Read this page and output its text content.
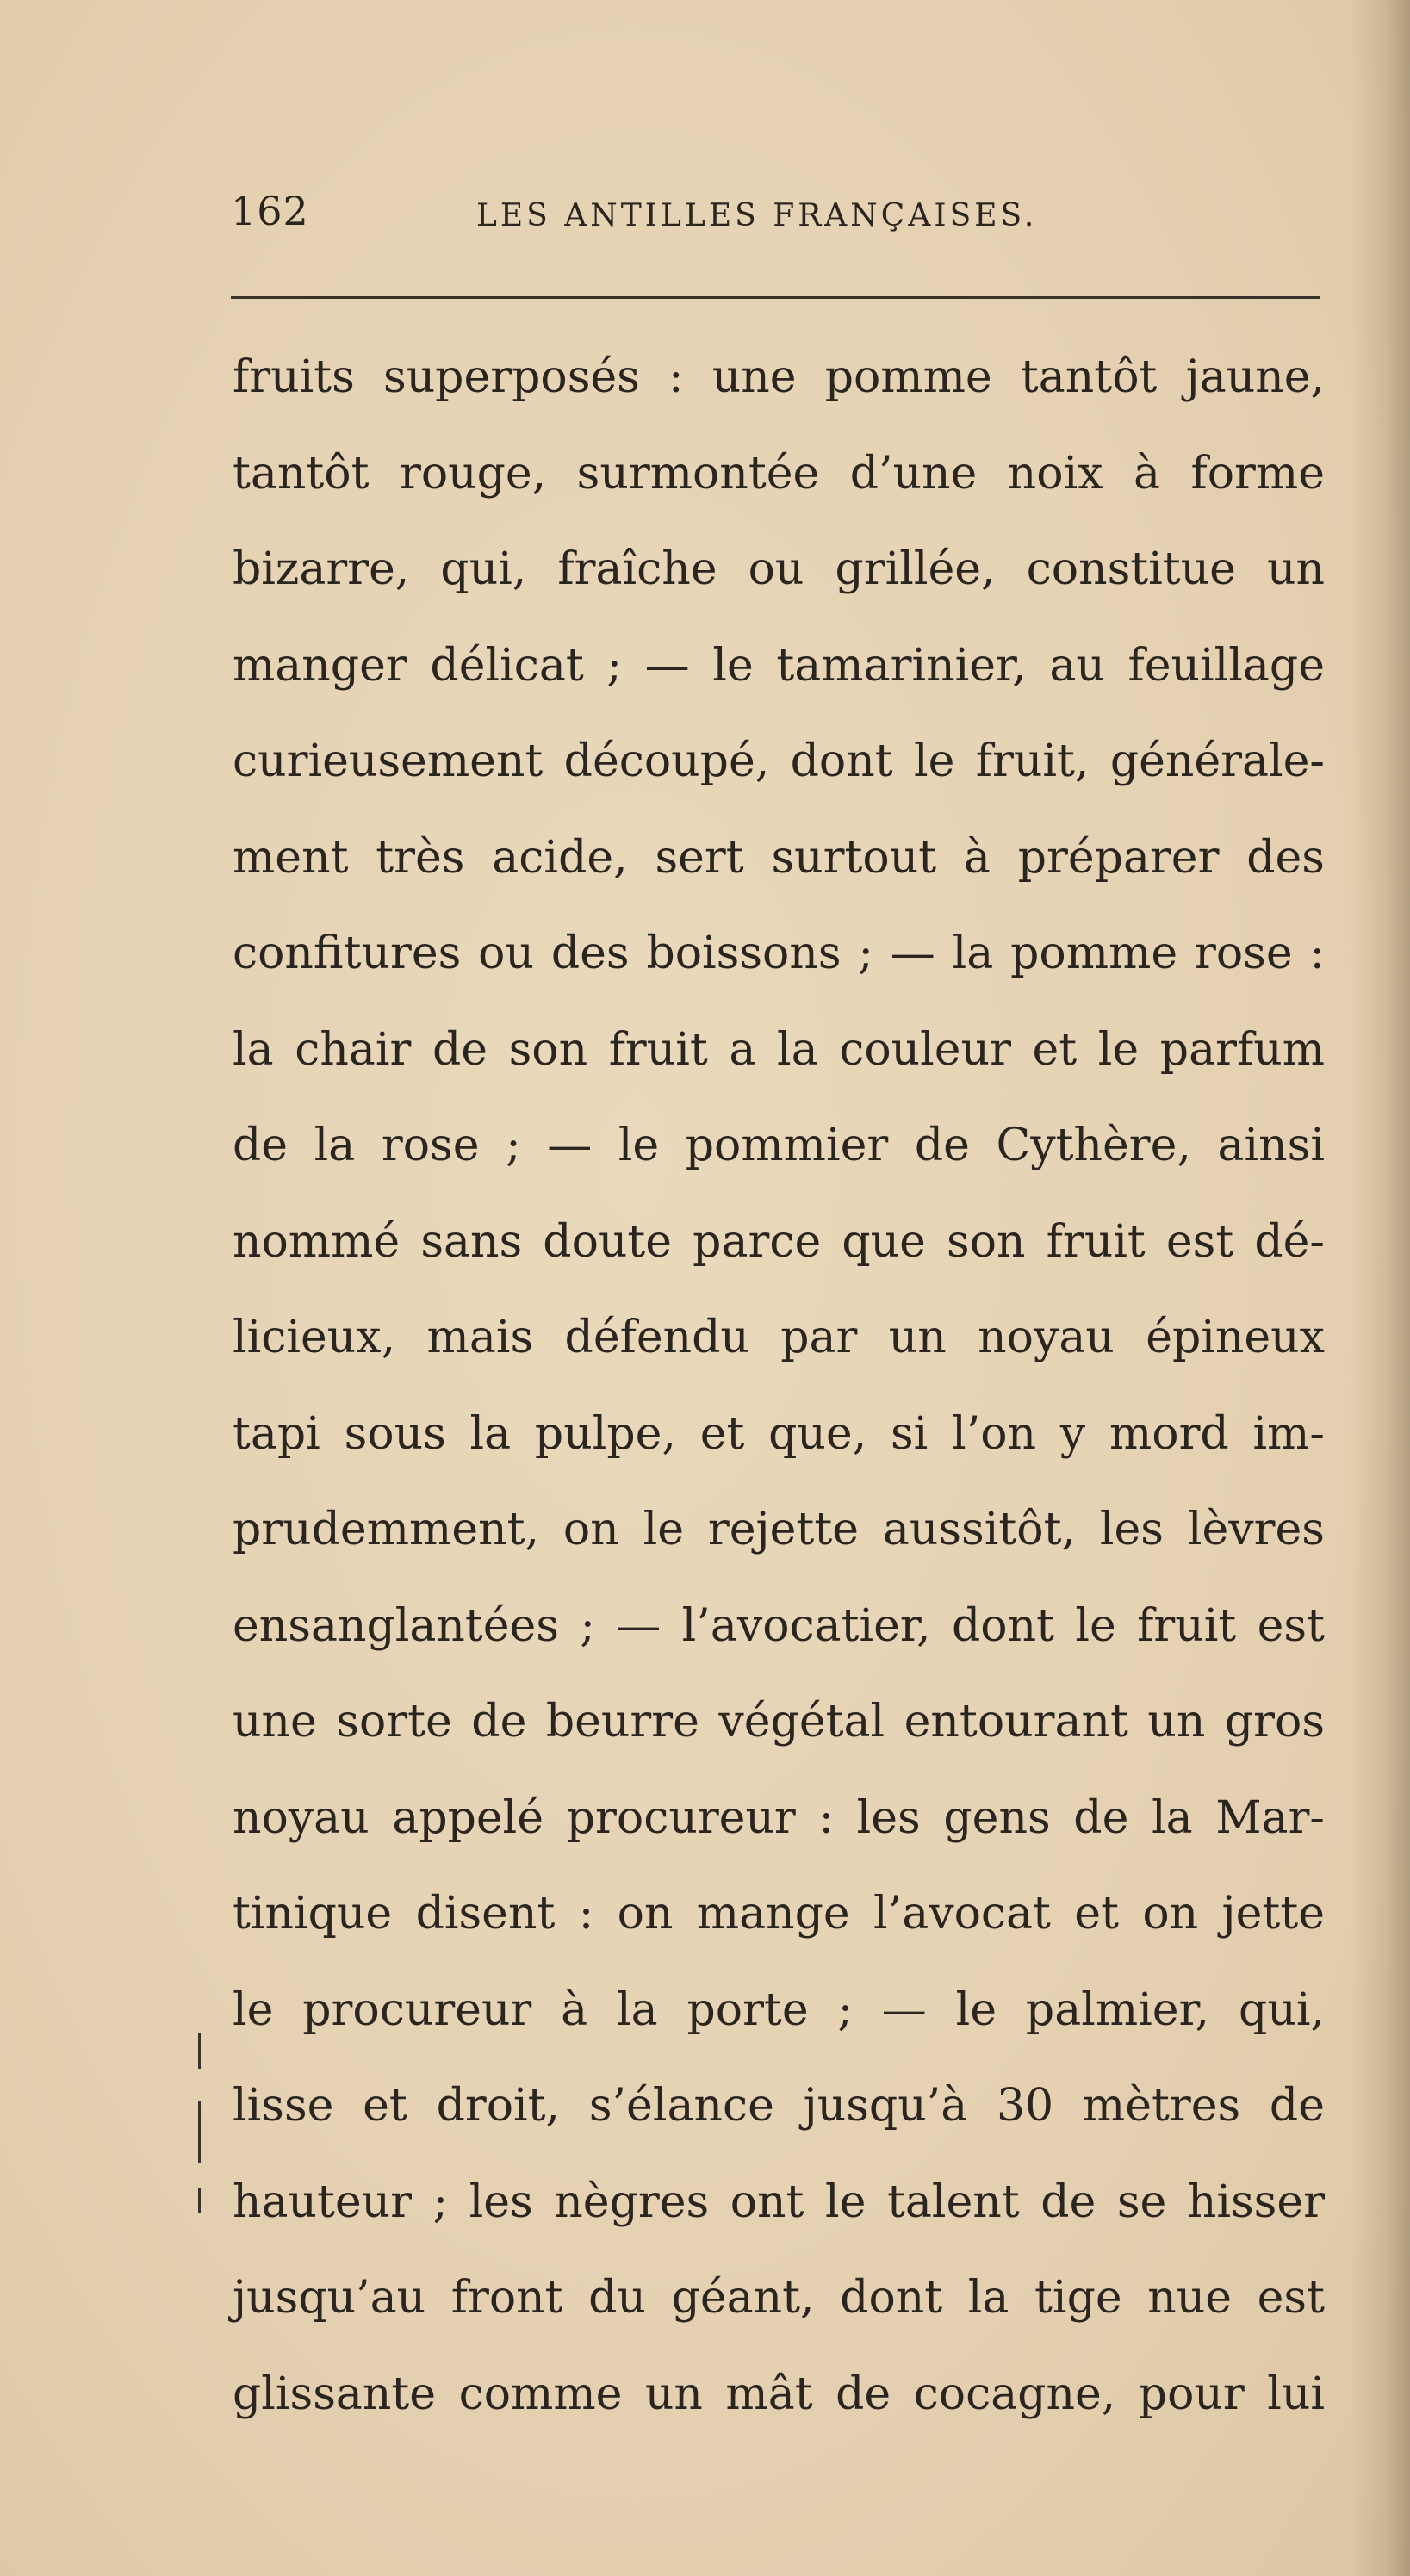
162	LES ANTILLES FRANÇAISES.
fruits superposés : une pomme tantôt jaune,
tantôt rouge, surmontée d’une noix à forme
bizarre, qui, fraîche ou grillée, constitue un
manger délicat ; — le tamarinier, au feuillage
curieusement découpé, dont le fruit, générale-
ment très acide, sert surtout à préparer des
confitures ou des boissons ; — la pomme rose :
la chair de son fruit a la couleur et le parfum
de la rose ; — le pommier de Cythère, ainsi
nommé sans doute parce que son fruit est dé-
licieux, mais défendu par un noyau épineux
tapi sous la pulpe, et que, si l’on y mord im-
prudemment, on le rejette aussitôt, les lèvres
ensanglantées ; — l’avocatier, dont le fruit est
une sorte de beurre végétal entourant un gros
noyau appelé procureur : les gens de la Mar-
tinique disent : on mange l’avocat et on jette
le procureur à la porte ; — le palmier, qui,
lisse et droit, s’élance jusqu’à 30 mètres de
hauteur ; les nègres ont le talent de se hisser
jusqu’au front du géant, dont la tige nue est
glissante comme un mât de cocagne, pour lui
